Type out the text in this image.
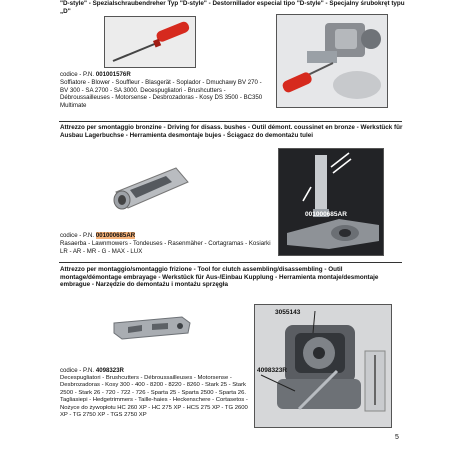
"D-style" - Spezialschraubendreher Typ "D-style" - Destornillador especial tipo "D-style" - Specjalny śrubokręt typu „D"
codice - P.N. 001001576R
Soffiatore - Blower - Souffleur - Blasgerät - Soplador - Dmuchawy BV 270 - BV 300 - SA 2700 - SA 3000. Decespugliatori - Brushcutters - Débroussailleuses - Motorsense - Desbrozadoras - Kosy DS 3500 - BC350 Multimate
Attrezzo per smontaggio bronzine - Driving for disass. bushes - Outil démont. coussinet en bronze - Werkstück für Ausbau Lagerbuchse - Herramienta desmontaje bujes - Ściągacz do demontażu tulei
001000685AR
codice - P.N. 001000685AR
Rasaerba - Lawnmowers - Tondeuses - Rasenmäher - Cortagramas - Kosiarki LR - AR - MR - G - MAX - LUX
Attrezzo per montaggio/smontaggio frizione - Tool for clutch assembling/disassembling - Outil montage/démontage embrayage - Werkstück für Aus-/Einbau Kupplung - Herramienta montaje/desmontaje embrague - Narzędzie do demontażu i montażu sprzęgła
3055143
4098323R
codice - P.N. 4098323R
Decespugliatori - Brushcutters - Débroussailleuses - Motorsense - Desbrozadoras - Kosy 300 - 400 - 8200 - 8220 - 8260 - Stark 25 - Stark 2500 - Stark 26 - 720 - 722 - 726 - Sparta 25 - Sparta 2500 - Sparta 26. Tagliasiepi - Hedgetrimmers - Taille-haies - Heckenschere - Cortasetos - Nożyce do żywopłotu HC 260 XP - HC 275 XP - HCS 275 XP - TG 2600 XP - TG 2750 XP - TGS 2750 XP
5
